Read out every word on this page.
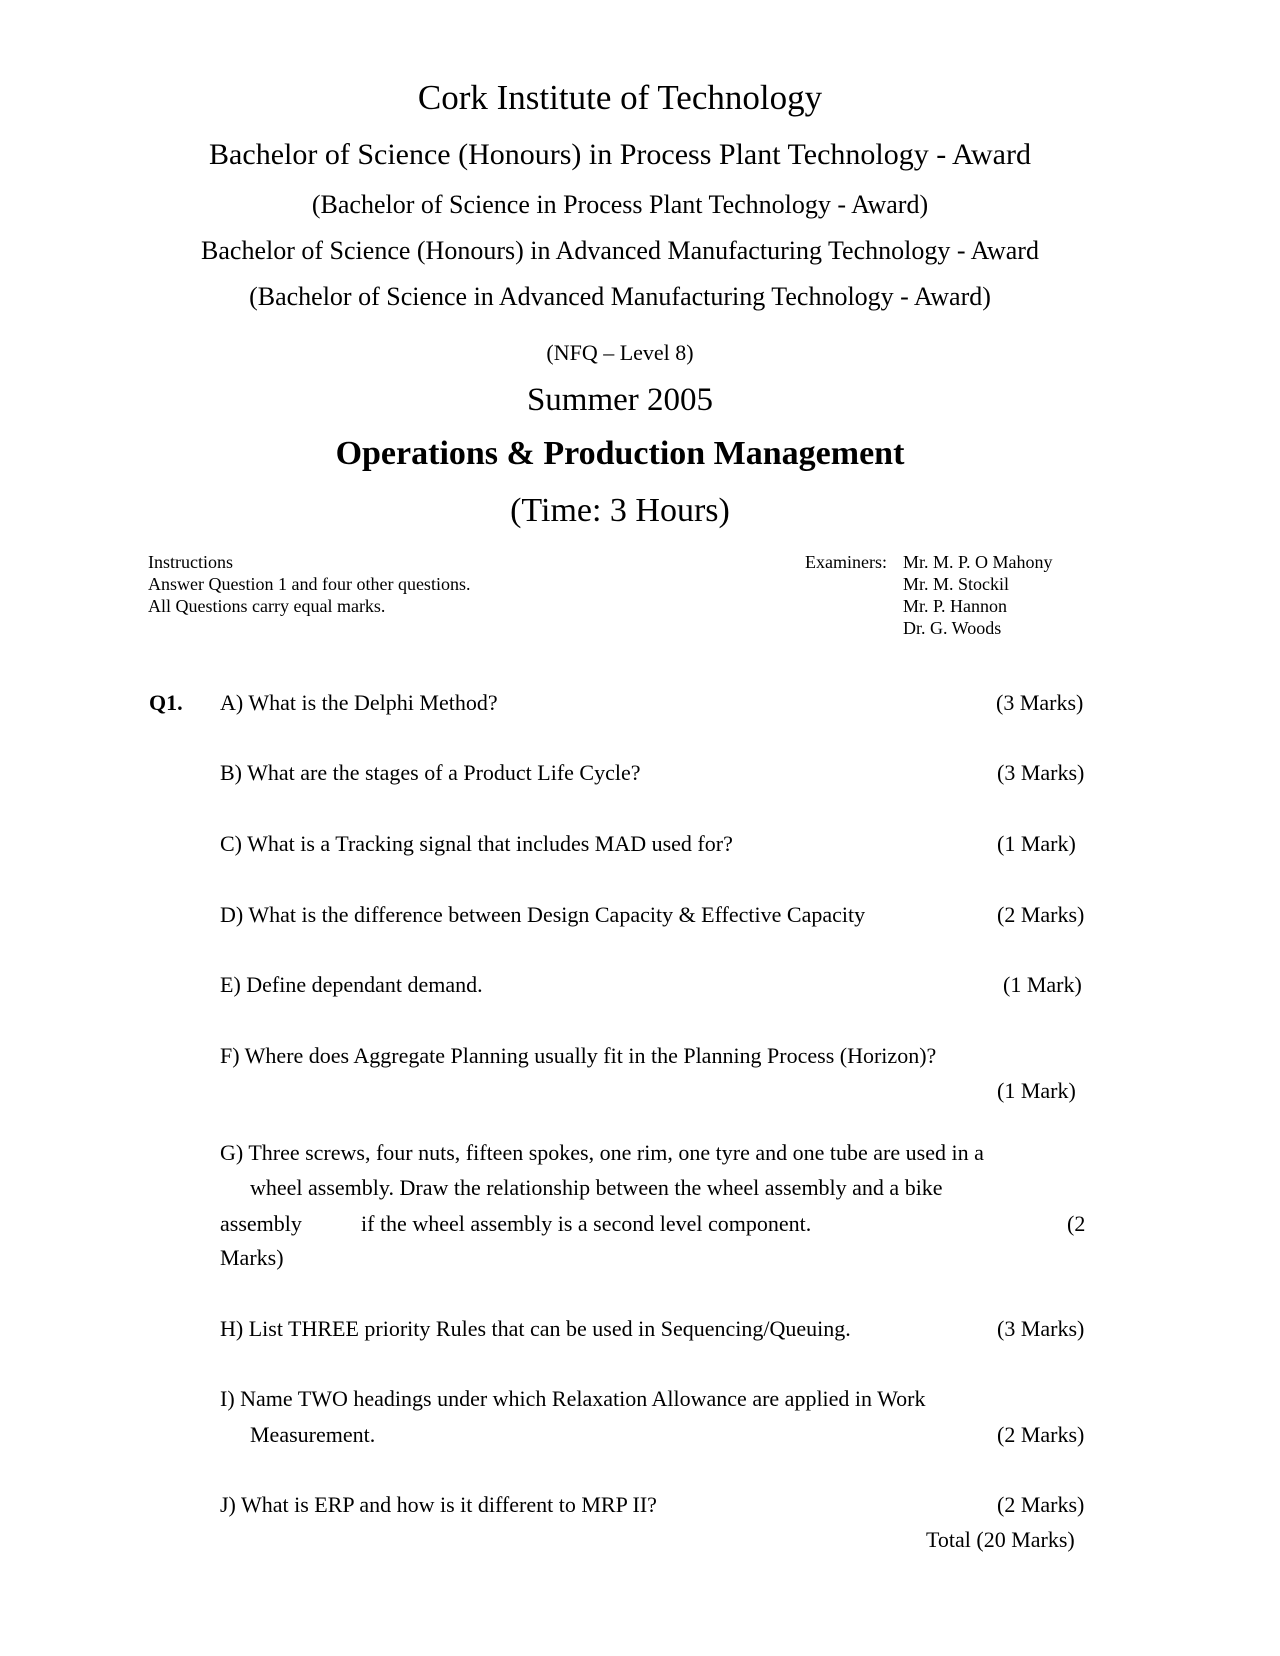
Cork Institute of Technology
Bachelor of Science (Honours) in Process Plant Technology - Award
(Bachelor of Science in Process Plant Technology - Award)
Bachelor of Science (Honours) in Advanced Manufacturing Technology - Award
(Bachelor of Science in Advanced Manufacturing Technology - Award)
(NFQ – Level 8)
Summer 2005
Operations & Production Management
(Time: 3 Hours)
Instructions
Answer Question 1 and four other questions.
All Questions carry equal marks.
Examiners: Mr. M. P. O Mahony
Mr. M. Stockil
Mr. P. Hannon
Dr. G. Woods
Q1. A) What is the Delphi Method?	(3 Marks)
B) What are the stages of a Product Life Cycle?	(3 Marks)
C) What is a Tracking signal that includes MAD used for?	(1 Mark)
D) What is the difference between Design Capacity & Effective Capacity	(2 Marks)
E) Define dependant demand.	(1 Mark)
F) Where does Aggregate Planning usually fit in the Planning Process (Horizon)?
(1 Mark)
G) Three screws, four nuts, fifteen spokes, one rim, one tyre and one tube are used in a
wheel assembly. Draw the relationship between the wheel assembly and a bike
assembly	if the wheel assembly is a second level component.	(2
Marks)
H) List THREE priority Rules that can be used in Sequencing/Queuing.	(3 Marks)
I) Name TWO headings under which Relaxation Allowance are applied in Work
Measurement.	(2 Marks)
J) What is ERP and how is it different to MRP II?	(2 Marks)
Total (20 Marks)
